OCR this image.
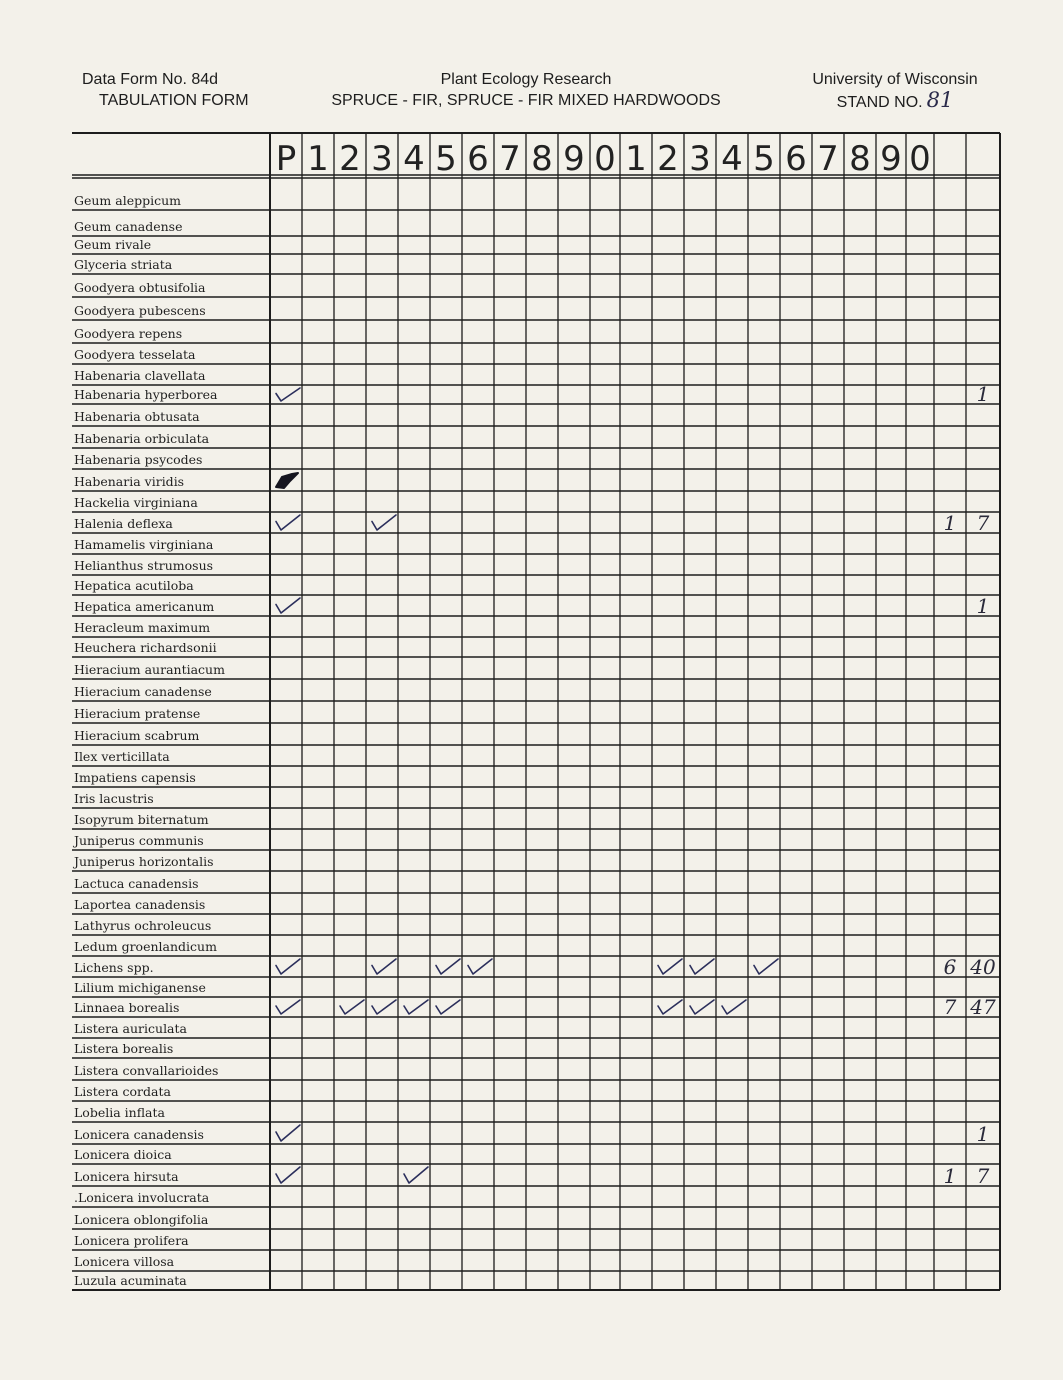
Data Form No. 84d
TABULATION FORM
Plant Ecology Research
SPRUCE - FIR, SPRUCE - FIR MIXED HARDWOODS
University of Wisconsin
STAND NO. 81
P 1 2 3 4 5 6 7 8 9 0 1 2 3 4 5 6 7 8 9 0
Geum aleppicum
Geum canadense
Geum rivale
Glyceria striata
Goodyera obtusifolia
Goodyera pubescens
Goodyera repens
Goodyera tesselata
Habenaria clavellata
Habenaria hyperborea
Habenaria obtusata
Habenaria orbiculata
Habenaria psycodes
Habenaria viridis
Hackelia virginiana
Halenia deflexa
Hamamelis virginiana
Helianthus strumosus
Hepatica acutiloba
Hepatica americanum
Heracleum maximum
Heuchera richardsonii
Hieracium aurantiacum
Hieracium canadense
Hieracium pratense
Hieracium scabrum
Ilex verticillata
Impatiens capensis
Iris lacustris
Isopyrum biternatum
Juniperus communis
Juniperus horizontalis
Lactuca canadensis
Laportea canadensis
Lathyrus ochroleucus
Ledum groenlandicum
Lichens spp.
Lilium michiganense
Linnaea borealis
Listera auriculata
Listera borealis
Listera convallarioides
Listera cordata
Lobelia inflata
Lonicera canadensis
Lonicera dioica
Lonicera hirsuta
.Lonicera involucrata
Lonicera oblongifolia
Lonicera prolifera
Lonicera villosa
Luzula acuminata
1
1 7
1
6 40
7 47
1
1 7
